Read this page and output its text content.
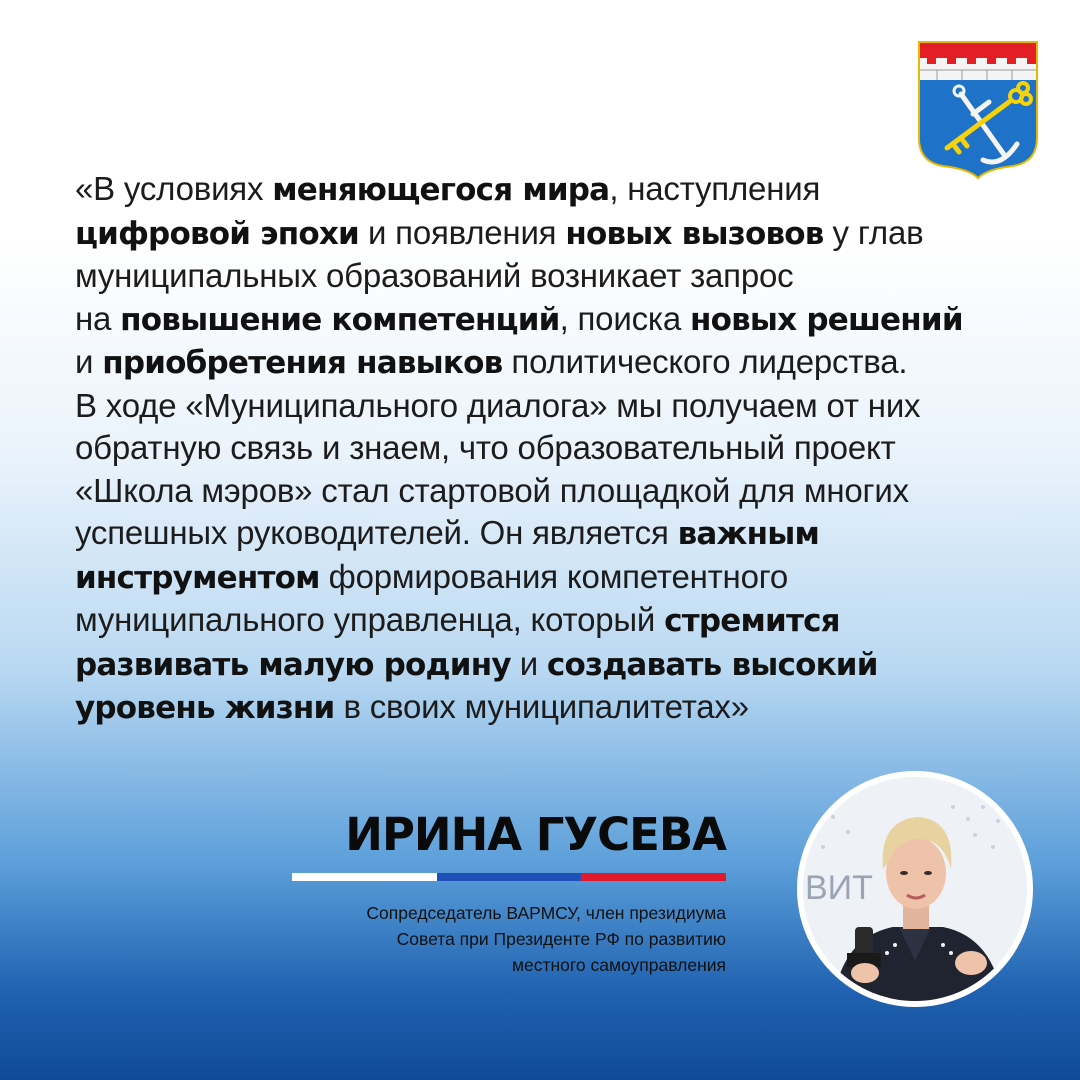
«В условиях меняющегося мира, наступления
цифровой эпохи и появления новых вызовов у глав
муниципальных образований возникает запрос
на повышение компетенций, поиска новых решений
и приобретения навыков политического лидерства.
В ходе «Муниципального диалога» мы получаем от них
обратную связь и знаем, что образовательный проект
«Школа мэров» стал стартовой площадкой для многих
успешных руководителей. Он является важным
инструментом формирования компетентного
муниципального управленца, который стремится
развивать малую родину и создавать высокий
уровень жизни в своих муниципалитетах»
ИРИНА ГУСЕВА
Сопредседатель ВАРМСУ, член президиума
Совета при Президенте РФ по развитию
местного самоуправления
ВИТ
